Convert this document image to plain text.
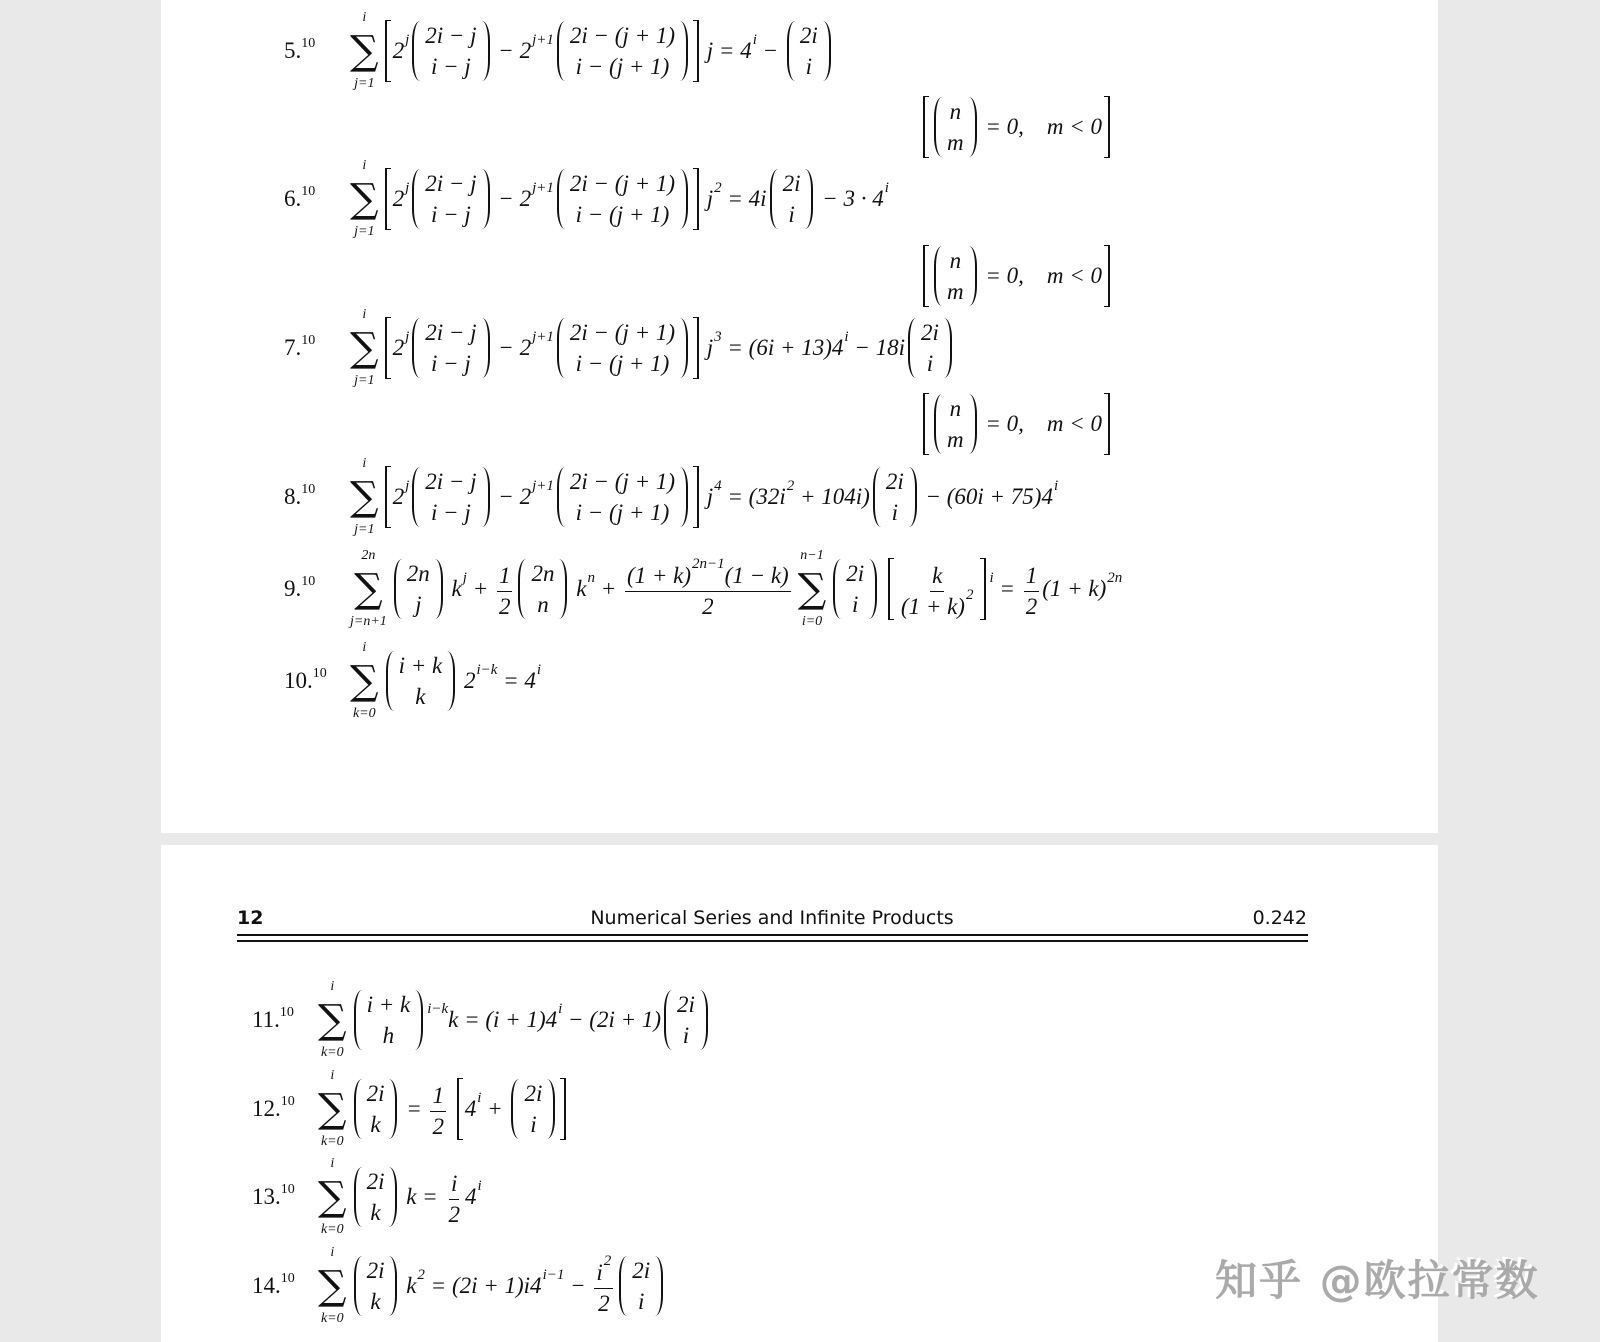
5. 10
i
∑
j=1
2 j 2i − j
i − j
− 2 j+1 2i − (j + 1)
i − (j + 1)
j = 4 i −
2i
i
n
m
= 0,    m < 0
6. 10
i
∑
j=1
2 j 2i − j
i − j
− 2 j+1 2i − (j + 1)
i − (j + 1)
j 2 = 4i
2i
i
− 3 · 4 i
n
m
= 0,    m < 0
7. 10
i
∑
j=1
2 j 2i − j
i − j
− 2 j+1 2i − (j + 1)
i − (j + 1)
j 3 = (6i + 13)4 i − 18i
2i
i
n
m
= 0,    m < 0
8. 10
i
∑
j=1
2 j 2i − j
i − j
− 2 j+1 2i − (j + 1)
i − (j + 1)
j 4 = (32i 2 + 104i)
2i
i
− (60i + 75)4 i
9. 10
2n
∑
j=n+1
2n
j
k $j + \frac{1}{2} 2n$
n
k $n + \frac{(1 + k) 2n-1 (1 - k)}{2}$
n−1
∑
i=0
2i
i
$\frac{k}{(1 + k) 2}$ $i = \frac{1}{2} (1 + k)$ 2n
10. 10
i
∑
k=0
i + k
k
2 i−k = 4 i
12	Numerical Series and Infinite Products	0.242
11. 10
i
∑
k=0
i + k
h
i−k k = (i + 1)4 i − (2i + 1)
2i
i
12. 10
i
∑
k=0
2i
k
= $\frac{1}{2}$
4 i +
2i
i
13. 10
i
∑
k=0
2i
k
$k = \frac{i}{2} 4$ i
14. 10
i
∑
k=0
2i
k
k 2 = (2i + 1)i4 $i-1 - \frac{i 2}{2} 2i$
i	知乎 @欧拉常数
